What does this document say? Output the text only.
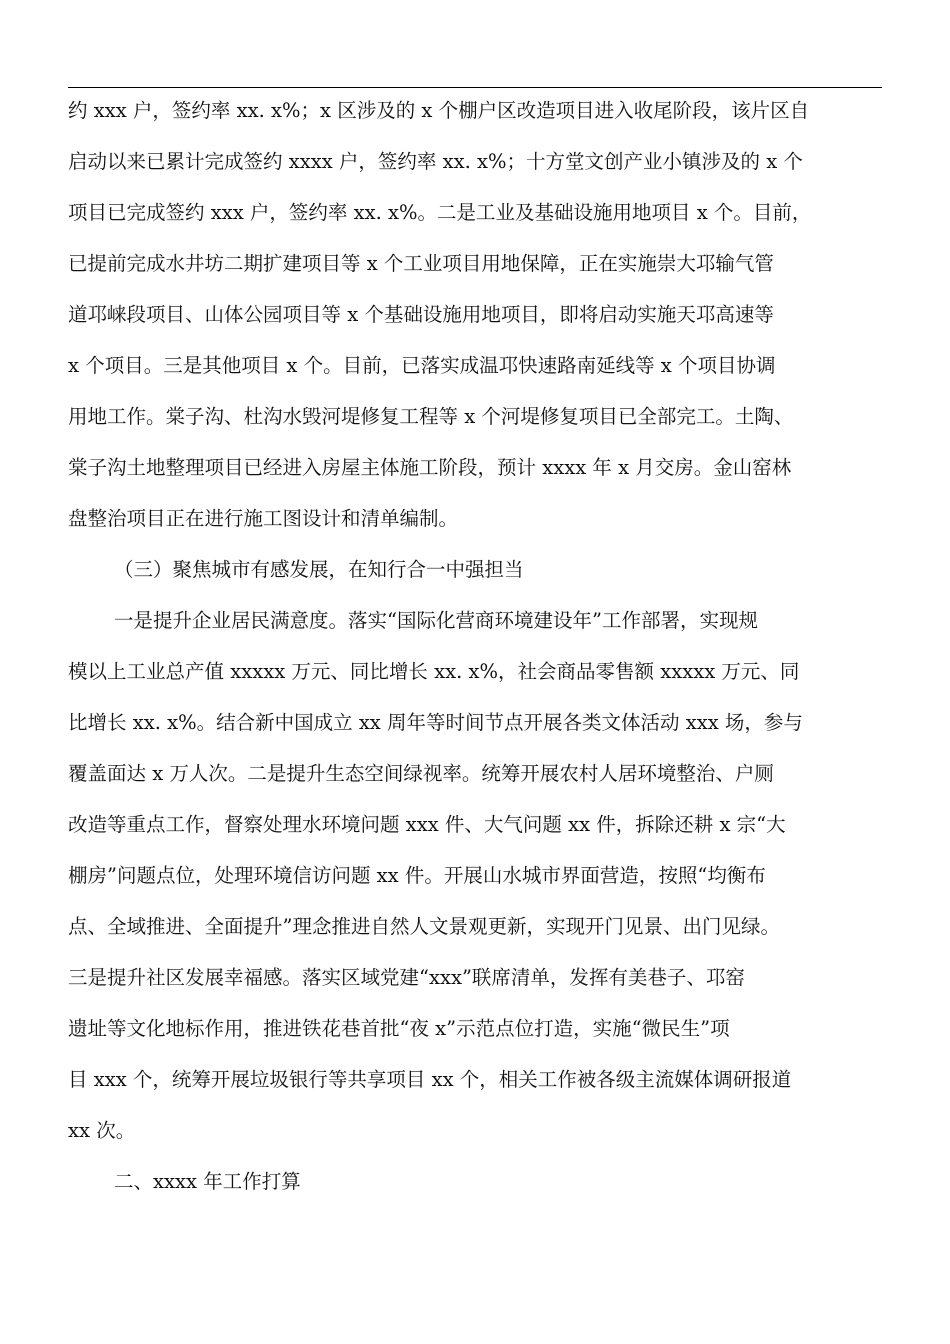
约 xxx 户，签约率 xx. x%；x 区涉及的 x 个棚户区改造项目进入收尾阶段，该片区自
启动以来已累计完成签约 xxxx 户，签约率 xx. x%；十方堂文创产业小镇涉及的 x 个
项目已完成签约 xxx 户，签约率 xx. x%。二是工业及基础设施用地项目 x 个。目前，
已提前完成水井坊二期扩建项目等 x 个工业项目用地保障，正在实施崇大邛输气管
道邛崃段项目、山体公园项目等 x 个基础设施用地项目，即将启动实施天邛高速等
x 个项目。三是其他项目 x 个。目前，已落实成温邛快速路南延线等 x 个项目协调
用地工作。棠子沟、杜沟水毁河堤修复工程等 x 个河堤修复项目已全部完工。土陶、
棠子沟土地整理项目已经进入房屋主体施工阶段，预计 xxxx 年 x 月交房。金山窑林
盘整治项目正在进行施工图设计和清单编制。
（三）聚焦城市有感发展，在知行合一中强担当
一是提升企业居民满意度。落实“国际化营商环境建设年”工作部署，实现规
模以上工业总产值 xxxxx 万元、同比增长 xx. x%，社会商品零售额 xxxxx 万元、同
比增长 xx. x%。结合新中国成立 xx 周年等时间节点开展各类文体活动 xxx 场，参与
覆盖面达 x 万人次。二是提升生态空间绿视率。统筹开展农村人居环境整治、户厕
改造等重点工作，督察处理水环境问题 xxx 件、大气问题 xx 件，拆除还耕 x 宗“大
棚房”问题点位，处理环境信访问题 xx 件。开展山水城市界面营造，按照“均衡布
点、全域推进、全面提升”理念推进自然人文景观更新，实现开门见景、出门见绿。
三是提升社区发展幸福感。落实区域党建“xxx”联席清单，发挥有美巷子、邛窑
遗址等文化地标作用，推进铁花巷首批“夜 x”示范点位打造，实施“微民生”项
目 xxx 个，统筹开展垃圾银行等共享项目 xx 个，相关工作被各级主流媒体调研报道
xx 次。
二、xxxx 年工作打算
